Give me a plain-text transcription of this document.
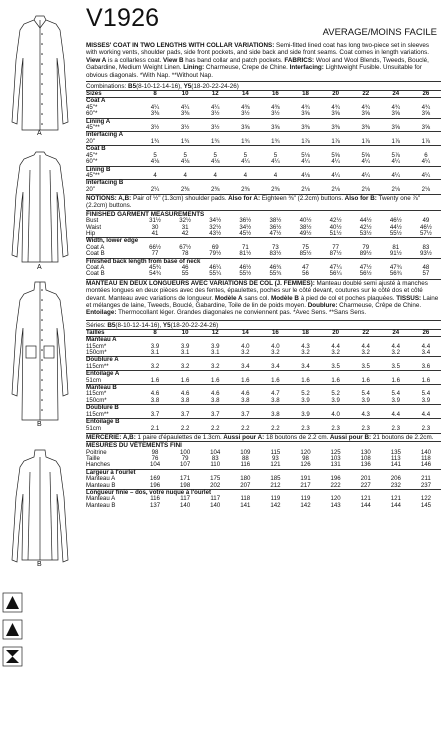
A
A
B
B
V1926
AVERAGE/MOINS FACILE
MISSES' COAT IN TWO LENGTHS WITH COLLAR VARIATIONS: Semi-fitted lined coat has long two-piece set in sleeves with working vents, shoulder pads, side front pockets, and side back and side front seams. Coat comes in length variations. View A is a collarless coat. View B has band collar and patch pockets. FABRICS: Wool and Wool Blends, Tweeds, Bouclé, Gabardine, Medium Weight Linen. Lining: Charmeuse, Crepe de Chine. Interfacing: Lightweight Fusible. Unsuitable for obvious diagonals. *With Nap. **Without Nap.
Combinations: B5(8-10-12-14-16), Y5(18-20-22-24-26)
Sizes	8	10	12	14	16	18	20	22	24	26
Coat A										
45"*	4¼	4¼	4¼	4⅜	4⅜	4¾	4¾	4¾	4¾	4¾
60"*	3⅜	3⅜	3½	3½	3½	3⅝	3⅝	3⅝	3⅝	3⅝
Lining A										
45"**	3½	3½	3½	3⅝	3⅝	3⅜	3⅜	3⅜	3⅝	3⅝
Interfacing A										
20"	1¾	1¾	1¾	1¾	1¾	1⅞	1⅞	1⅞	1⅞	1⅞
Coat B										
45"*	5	5	5	5	5	5⅛	5⅝	5⅝	5⅞	6
60"*	4⅛	4⅛	4⅛	4¼	4¼	4¼	4¼	4¼	4¼	4¼
Lining B										
45"**	4	4	4	4	4	4⅛	4¼	4¼	4¼	4¼
Interfacing B										
20"	2¼	2⅜	2⅜	2⅜	2⅜	2⅛	2⅛	2⅛	2⅛	2⅛
NOTIONS: A,B: Pair of ½" (1.3cm) shoulder pads. Also for A: Eighteen ⅜" (2.2cm) buttons. Also for B: Twenty one ⅞" (2.2cm) buttons.
FINISHED GARMENT MEASUREMENTS
Bust	31½	32½	34½	36½	38½	40½	42½	44½	46½	49
Waist	30	31	32½	34½	36½	38½	40½	42½	44½	46½
Hip	41	42	43½	45½	47½	49½	51½	53½	55½	57½
Width, lower edge										
Coat A	66½	67½	69	71	73	75	77	79	81	83
Coat B	77	78	79½	81½	83½	85½	87½	89½	91½	93½
Finished back length from base of neck										
Coat A	45¾	46	46¼	46½	46¾	47	47¼	47½	47¾	48
Coat B	54¾	55	55¼	55½	55¾	56	56¼	56½	56¾	57
MANTEAU EN DEUX LONGUEURS AVEC VARIATIONS DE COL (J. FEMMES): Manteau doublé semi ajusté à manches montées longues en deux pièces avec des fentes, épaulettes, poches sur le côté devant, coutures sur le côté dos et côté devant. Manteau avec variations de longueur. Modèle A sans col. Modèle B à pied de col et poches plaquées. TISSUS: Laine et mélanges de laine, Tweeds, Bouclé, Gabardine, Toile de lin de poids moyen. Doublure: Charmeuse, Crêpe de Chine. Entoilage: Thermocollant léger. Grandes diagonales ne conviennent pas. *Avec Sens. **Sans Sens.
Séries: B5(8-10-12-14-16), Y5(18-20-22-24-26)
Tailles	8	10	12	14	16	18	20	22	24	26
Manteau A										
115cm*	3.9	3.9	3.9	4.0	4.0	4.3	4.4	4.4	4.4	4.4
150cm*	3.1	3.1	3.1	3.2	3.2	3.2	3.2	3.2	3.2	3.4
Doublure A										
115cm**	3.2	3.2	3.2	3.4	3.4	3.4	3.5	3.5	3.5	3.6
Entoilage A										
51cm	1.6	1.6	1.6	1.6	1.6	1.6	1.6	1.6	1.6	1.6
Manteau B										
115cm*	4.6	4.6	4.6	4.6	4.7	5.2	5.2	5.4	5.4	5.4
150cm*	3.8	3.8	3.8	3.8	3.8	3.9	3.9	3.9	3.9	3.9
Doublure B										
115cm**	3.7	3.7	3.7	3.7	3.8	3.9	4.0	4.3	4.4	4.4
Entoilage B										
51cm	2.1	2.2	2.2	2.2	2.2	2.3	2.3	2.3	2.3	2.3
MERCERIE: A,B: 1 paire d'épaulettes de 1.3cm. Aussi pour A: 18 boutons de 2.2 cm. Aussi pour B: 21 boutons de 2.2cm.
MESURES DU VÊTEMENTS FINI
Poitrine	98	100	104	109	115	120	125	130	135	140
Taille	76	79	83	88	93	98	103	108	113	118
Hanches	104	107	110	116	121	126	131	136	141	146
Largeur à l'ourlet										
Manteau A	169	171	175	180	185	191	196	201	206	211
Manteau B	196	198	202	207	212	217	222	227	232	237
Longueur finie – dos, votre nuque à l'ourlet										
Manteau A	116	117	117	118	119	119	120	121	121	122
Manteau B	137	140	140	141	142	142	143	144	144	145
